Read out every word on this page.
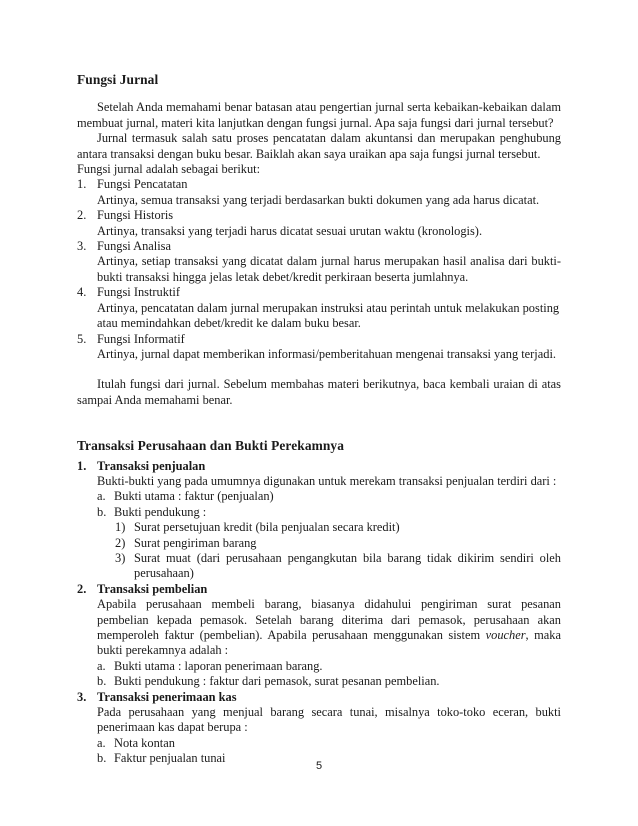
Fungsi Jurnal
Setelah Anda memahami benar batasan atau pengertian jurnal serta kebaikan-kebaikan dalam membuat jurnal, materi kita lanjutkan dengan fungsi jurnal. Apa saja fungsi dari jurnal tersebut?
Jurnal termasuk salah satu proses pencatatan dalam akuntansi dan merupakan penghubung antara transaksi dengan buku besar. Baiklah akan saya uraikan apa saja fungsi jurnal tersebut.
Fungsi jurnal adalah sebagai berikut:
1. Fungsi Pencatatan
Artinya, semua transaksi yang terjadi berdasarkan bukti dokumen yang ada harus dicatat.
2. Fungsi Historis
Artinya, transaksi yang terjadi harus dicatat sesuai urutan waktu (kronologis).
3. Fungsi Analisa
Artinya, setiap transaksi yang dicatat dalam jurnal harus merupakan hasil analisa dari bukti-bukti transaksi hingga jelas letak debet/kredit perkiraan beserta jumlahnya.
4. Fungsi Instruktif
Artinya, pencatatan dalam jurnal merupakan instruksi atau perintah untuk melakukan posting atau memindahkan debet/kredit ke dalam buku besar.
5. Fungsi Informatif
Artinya, jurnal dapat memberikan informasi/pemberitahuan mengenai transaksi yang terjadi.
Itulah fungsi dari jurnal. Sebelum membahas materi berikutnya, baca kembali uraian di atas sampai Anda memahami benar.
Transaksi Perusahaan dan Bukti Perekamnya
1. Transaksi penjualan
Bukti-bukti yang pada umumnya digunakan untuk merekam transaksi penjualan terdiri dari :
a. Bukti utama : faktur (penjualan)
b. Bukti pendukung :
1) Surat persetujuan kredit (bila penjualan secara kredit)
2) Surat pengiriman barang
3) Surat muat (dari perusahaan pengangkutan bila barang tidak dikirim sendiri oleh perusahaan)
2. Transaksi pembelian
Apabila perusahaan membeli barang, biasanya didahului pengiriman surat pesanan pembelian kepada pemasok. Setelah barang diterima dari pemasok, perusahaan akan memperoleh faktur (pembelian). Apabila perusahaan menggunakan sistem voucher, maka bukti perekamnya adalah :
a. Bukti utama : laporan penerimaan barang.
b. Bukti pendukung : faktur dari pemasok, surat pesanan pembelian.
3. Transaksi penerimaan kas
Pada perusahaan yang menjual barang secara tunai, misalnya toko-toko eceran, bukti penerimaan kas dapat berupa :
a. Nota kontan
b. Faktur penjualan tunai
5
